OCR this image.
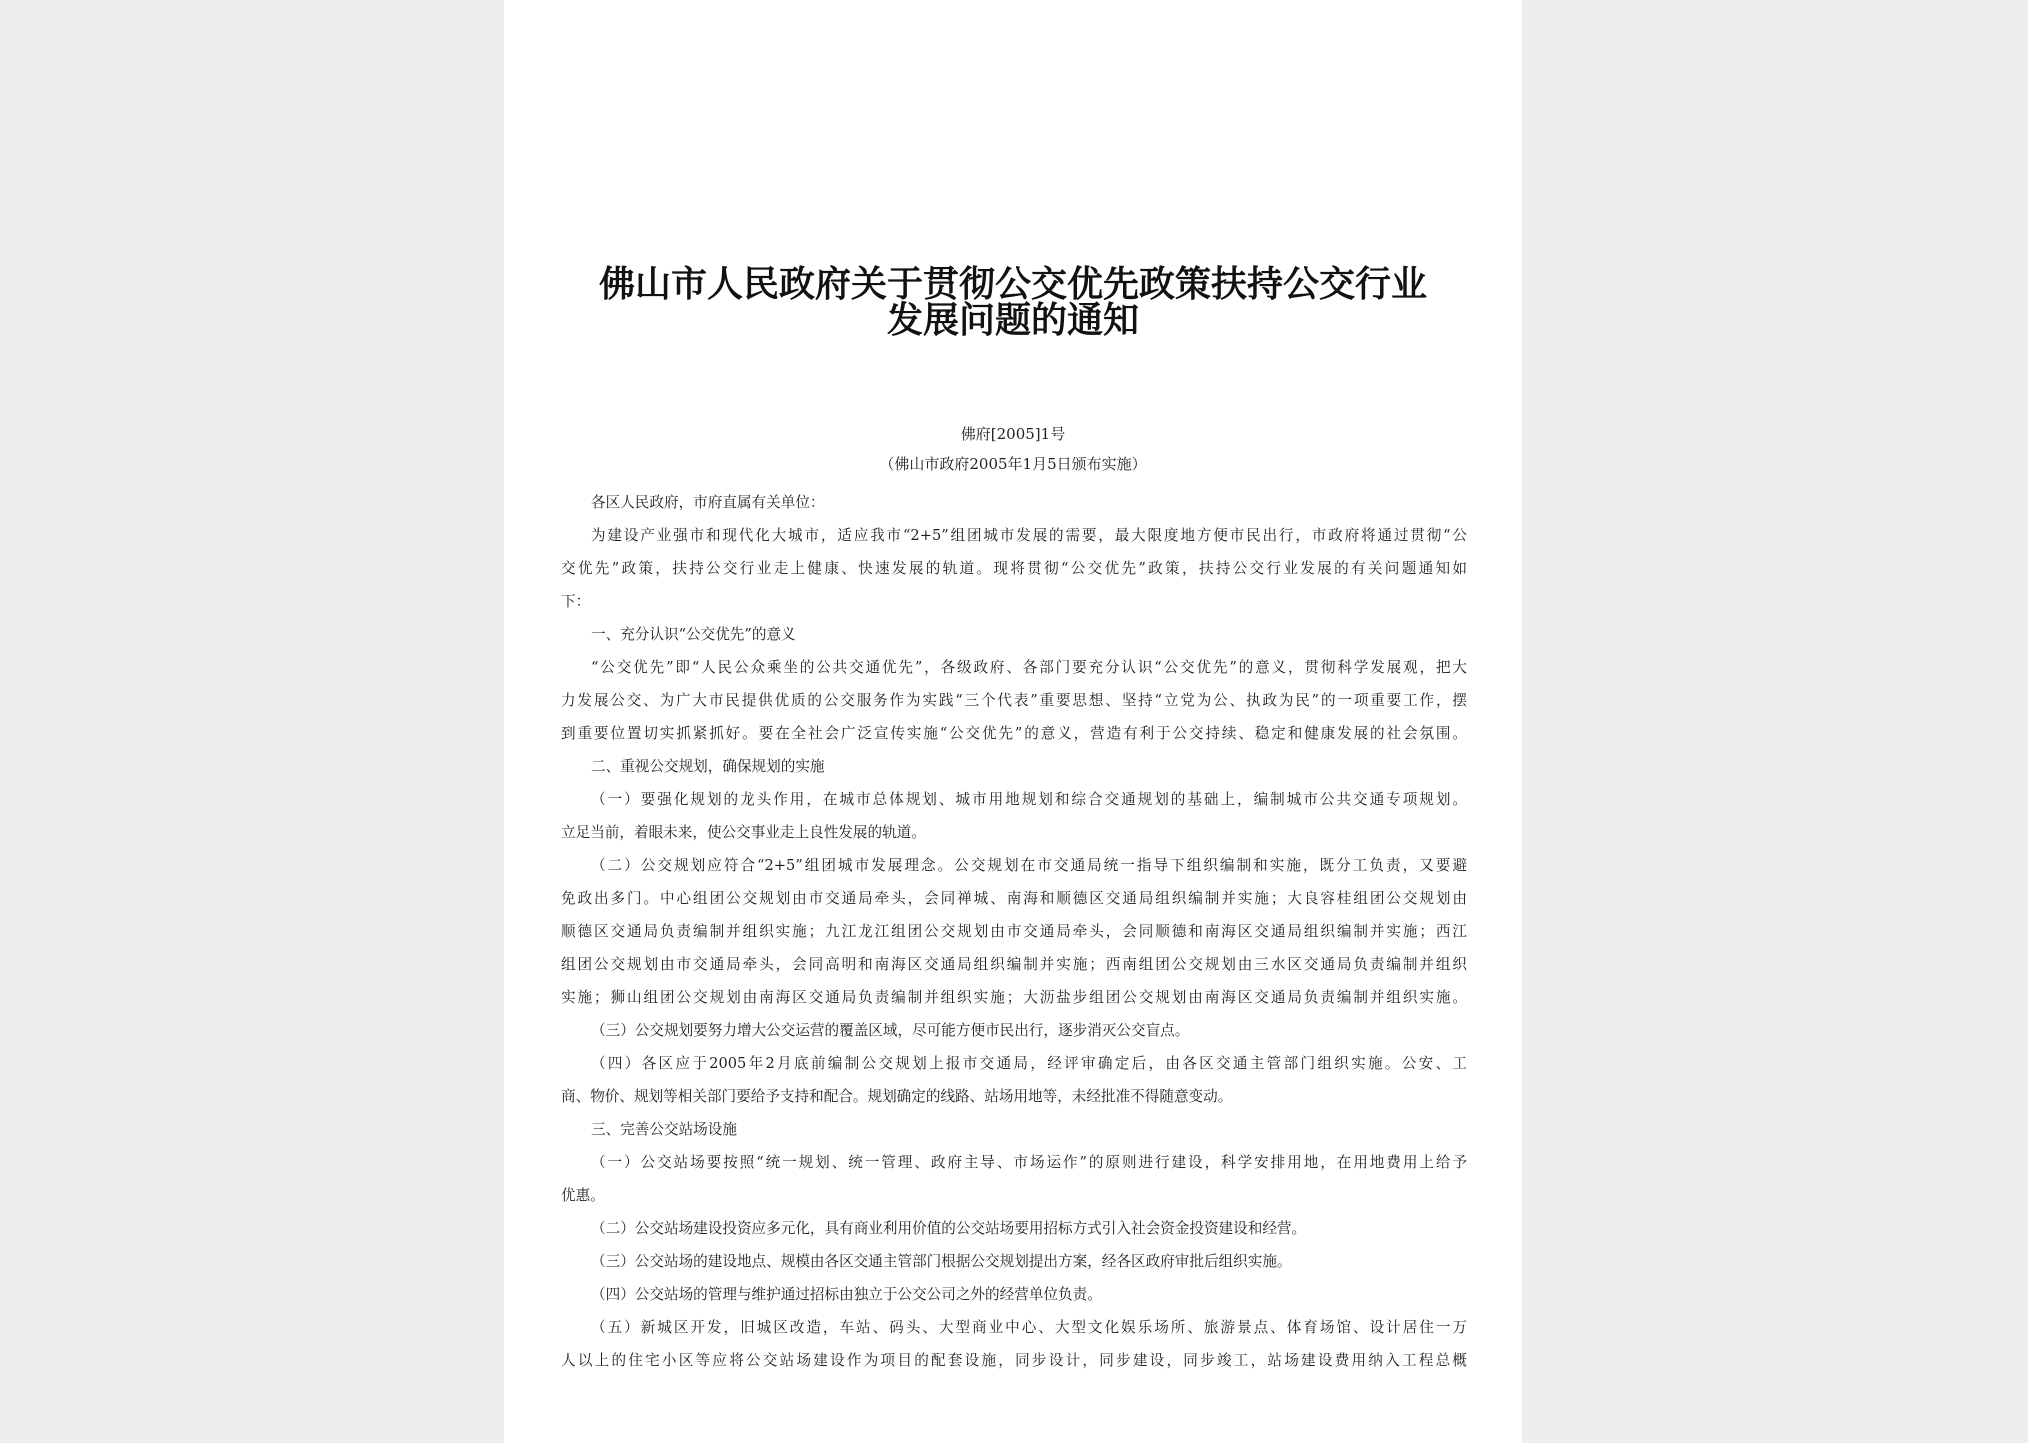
佛山市人民政府关于贯彻公交优先政策扶持公交行业
发展问题的通知
佛府[2005]1号
（佛山市政府2005年1月5日颁布实施）
各区人民政府，市府直属有关单位：
为建设产业强市和现代化大城市，适应我市“2+5”组团城市发展的需要，最大限度地方便市民出行，市政府将通过贯彻“公
交优先”政策，扶持公交行业走上健康、快速发展的轨道。现将贯彻“公交优先”政策，扶持公交行业发展的有关问题通知如
下：
一、充分认识“公交优先”的意义
“公交优先”即“人民公众乘坐的公共交通优先”，各级政府、各部门要充分认识“公交优先”的意义，贯彻科学发展观，把大
力发展公交、为广大市民提供优质的公交服务作为实践“三个代表”重要思想、坚持“立党为公、执政为民”的一项重要工作，摆
到重要位置切实抓紧抓好。要在全社会广泛宣传实施“公交优先”的意义，营造有利于公交持续、稳定和健康发展的社会氛围。
二、重视公交规划，确保规划的实施
（一）要强化规划的龙头作用，在城市总体规划、城市用地规划和综合交通规划的基础上，编制城市公共交通专项规划。
立足当前，着眼未来，使公交事业走上良性发展的轨道。
（二）公交规划应符合“2+5”组团城市发展理念。公交规划在市交通局统一指导下组织编制和实施，既分工负责，又要避
免政出多门。中心组团公交规划由市交通局牵头，会同禅城、南海和顺德区交通局组织编制并实施；大良容桂组团公交规划由
顺德区交通局负责编制并组织实施；九江龙江组团公交规划由市交通局牵头，会同顺德和南海区交通局组织编制并实施；西江
组团公交规划由市交通局牵头，会同高明和南海区交通局组织编制并实施；西南组团公交规划由三水区交通局负责编制并组织
实施；狮山组团公交规划由南海区交通局负责编制并组织实施；大沥盐步组团公交规划由南海区交通局负责编制并组织实施。
（三）公交规划要努力增大公交运营的覆盖区域，尽可能方便市民出行，逐步消灭公交盲点。
（四）各区应于2005年2月底前编制公交规划上报市交通局，经评审确定后，由各区交通主管部门组织实施。公安、工
商、物价、规划等相关部门要给予支持和配合。规划确定的线路、站场用地等，未经批准不得随意变动。
三、完善公交站场设施
（一）公交站场要按照“统一规划、统一管理、政府主导、市场运作”的原则进行建设，科学安排用地，在用地费用上给予
优惠。
（二）公交站场建设投资应多元化，具有商业利用价值的公交站场要用招标方式引入社会资金投资建设和经营。
（三）公交站场的建设地点、规模由各区交通主管部门根据公交规划提出方案，经各区政府审批后组织实施。
（四）公交站场的管理与维护通过招标由独立于公交公司之外的经营单位负责。
（五）新城区开发，旧城区改造，车站、码头、大型商业中心、大型文化娱乐场所、旅游景点、体育场馆、设计居住一万
人以上的住宅小区等应将公交站场建设作为项目的配套设施，同步设计，同步建设，同步竣工，站场建设费用纳入工程总概
